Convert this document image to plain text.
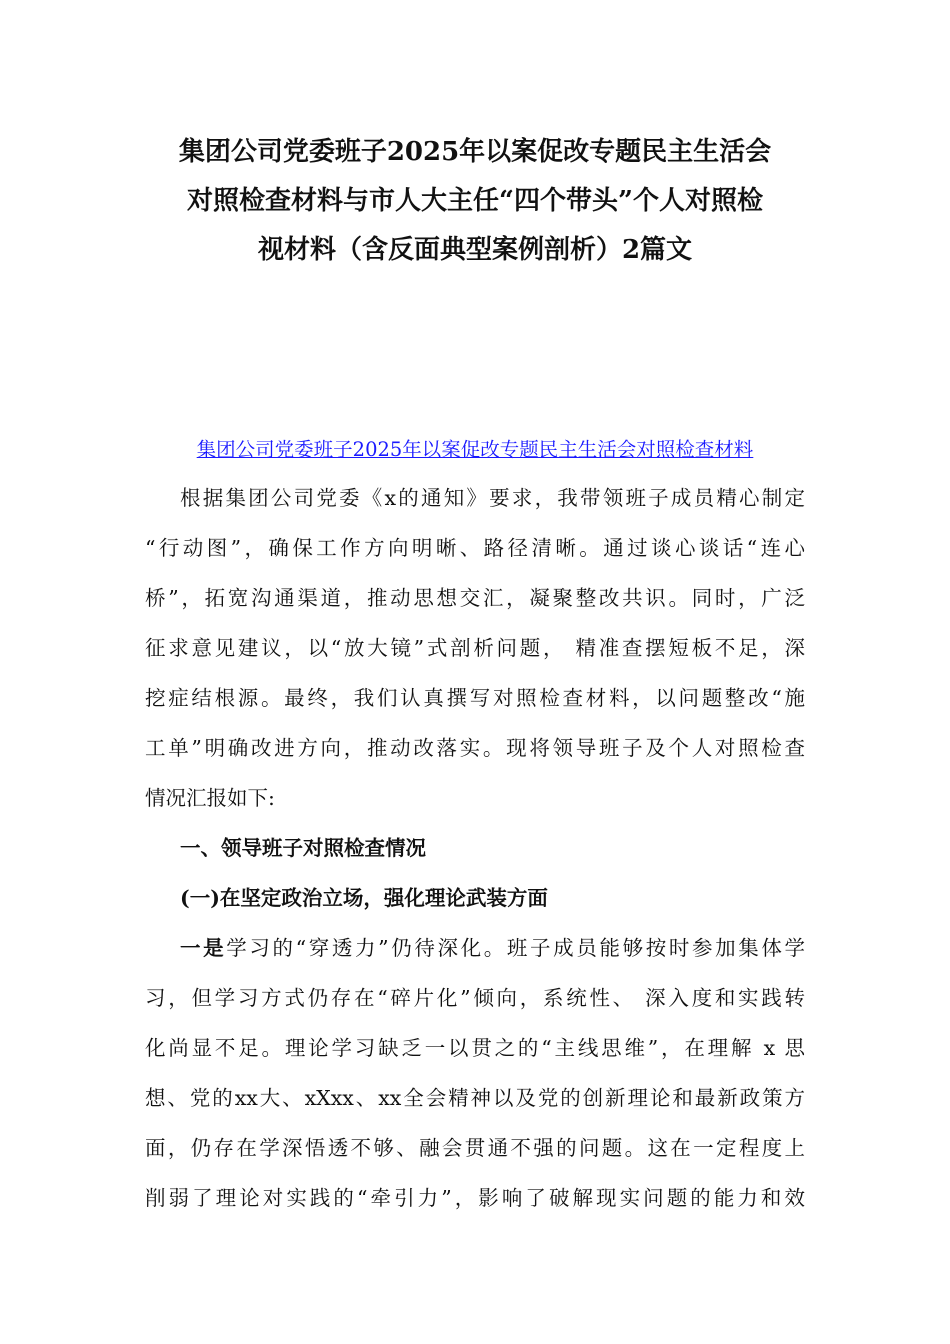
集团公司党委班子2025年以案促改专题民主生活会
对照检查材料与市人大主任“四个带头”个人对照检
视材料（含反面典型案例剖析）2篇文
集团公司党委班子2025年以案促改专题民主生活会对照检查材料
根据集团公司党委《x的通知》要求，我带领班子成员精心制定
“行动图”，确保工作方向明晰、路径清晰。通过谈心谈话“连心
桥”，拓宽沟通渠道，推动思想交汇，凝聚整改共识。同时，广泛
征求意见建议，以“放大镜”式剖析问题， 精准查摆短板不足，深
挖症结根源。最终，我们认真撰写对照检查材料，以问题整改“施
工单”明确改进方向，推动改落实。现将领导班子及个人对照检查
情况汇报如下:
一、领导班子对照检查情况
(一)在坚定政治立场，强化理论武装方面
一是学习的“穿透力”仍待深化。班子成员能够按时参加集体学
习，但学习方式仍存在“碎片化”倾向，系统性、 深入度和实践转
化尚显不足。理论学习缺乏一以贯之的“主线思维”，在理解 x 思
想、党的xx大、xXxx、xx全会精神以及党的创新理论和最新政策方
面，仍存在学深悟透不够、融会贯通不强的问题。这在一定程度上
削弱了理论对实践的“牵引力”，影响了破解现实问题的能力和效
